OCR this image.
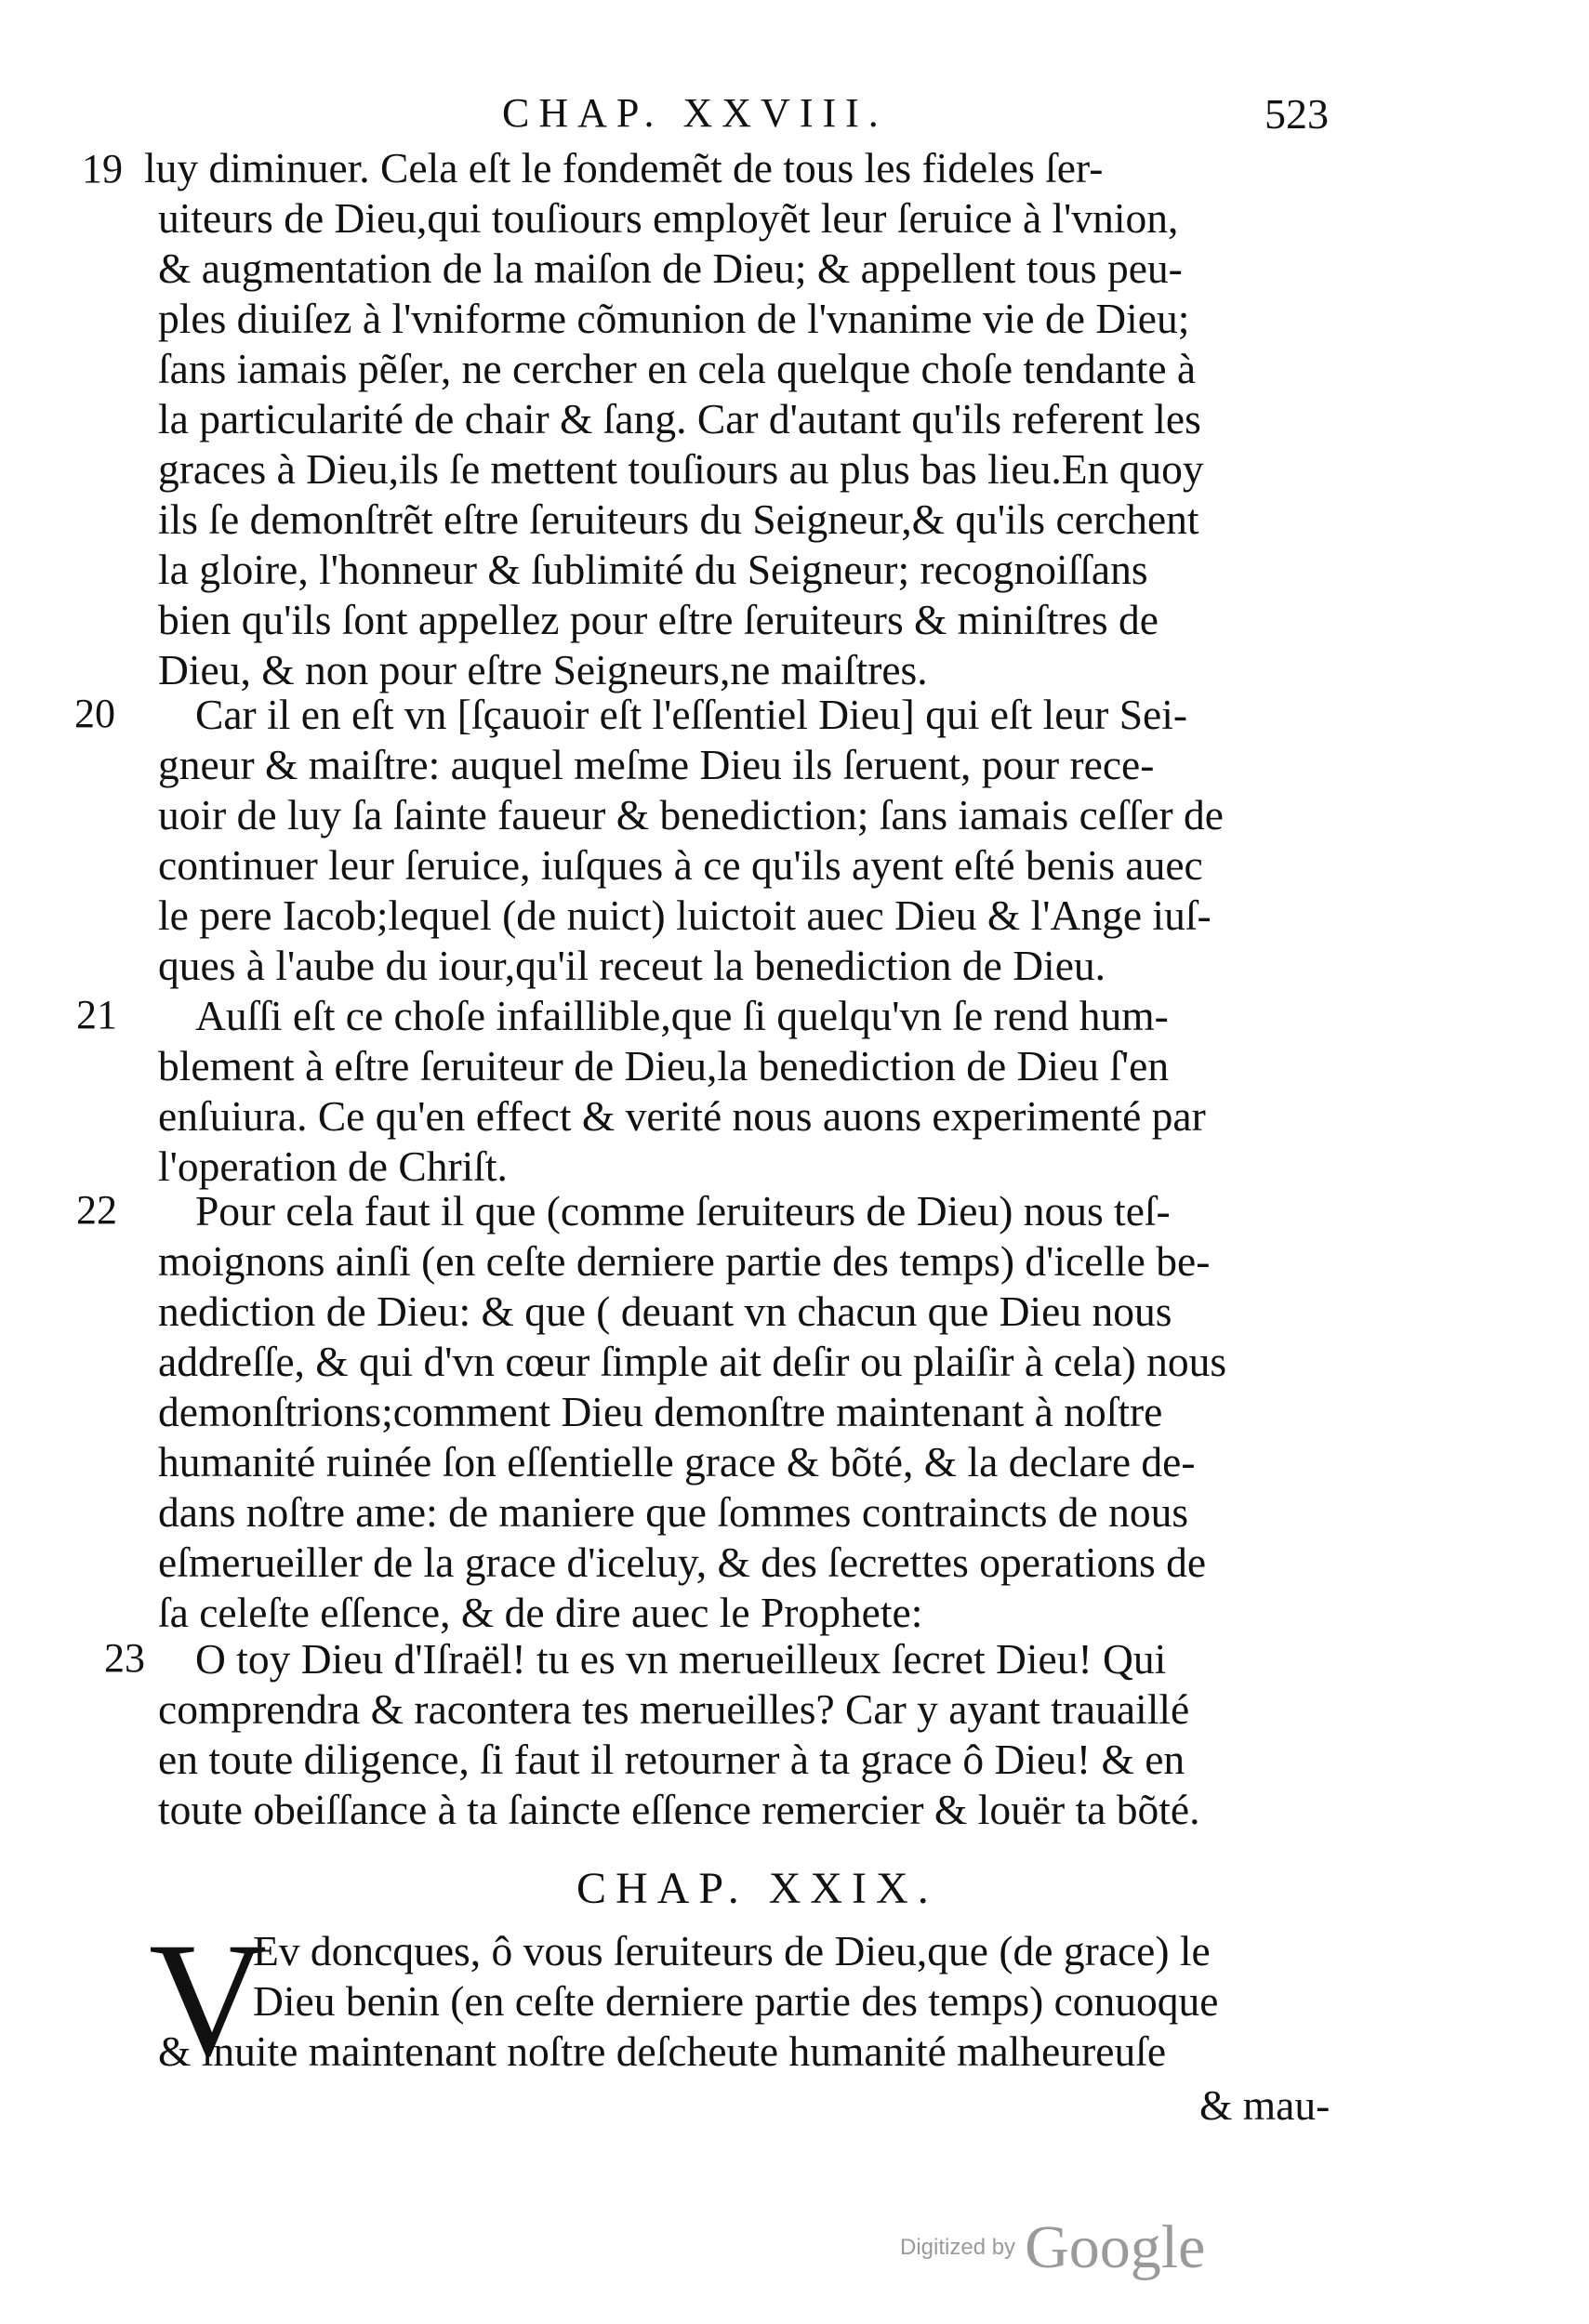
CHAP. XXVIII.	523
19
20
21
22
23
luy diminuer. Cela eſt le fondemẽt de tous les fideles ſer-
uiteurs de Dieu,qui touſiours employẽt leur ſeruice à l'vnion,
& augmentation de la maiſon de Dieu; & appellent tous peu-
ples diuiſez à l'vniforme cõmunion de l'vnanime vie de Dieu;
ſans iamais pẽſer, ne cercher en cela quelque choſe tendante à
la particularité de chair & ſang. Car d'autant qu'ils referent les
graces à Dieu,ils ſe mettent touſiours au plus bas lieu.En quoy
ils ſe demonſtrẽt eſtre ſeruiteurs du Seigneur,& qu'ils cerchent
la gloire, l'honneur & ſublimité du Seigneur; recognoiſſans
bien qu'ils ſont appellez pour eſtre ſeruiteurs & miniſtres de
Dieu, & non pour eſtre Seigneurs,ne maiſtres.
Car il en eſt vn [ſçauoir eſt l'eſſentiel Dieu] qui eſt leur Sei-
gneur & maiſtre: auquel meſme Dieu ils ſeruent, pour rece-
uoir de luy ſa ſainte faueur & benediction; ſans iamais ceſſer de
continuer leur ſeruice, iuſques à ce qu'ils ayent eſté benis auec
le pere Iacob;lequel (de nuict) luictoit auec Dieu & l'Ange iuſ-
ques à l'aube du iour,qu'il receut la benediction de Dieu.
Auſſi eſt ce choſe infaillible,que ſi quelqu'vn ſe rend hum-
blement à eſtre ſeruiteur de Dieu,la benediction de Dieu ſ'en
enſuiura. Ce qu'en effect & verité nous auons experimenté par
l'operation de Chriſt.
Pour cela faut il que (comme ſeruiteurs de Dieu) nous teſ-
moignons ainſi (en ceſte derniere partie des temps) d'icelle be-
nediction de Dieu: & que ( deuant vn chacun que Dieu nous
addreſſe, & qui d'vn cœur ſimple ait deſir ou plaiſir à cela) nous
demonſtrions;comment Dieu demonſtre maintenant à noſtre
humanité ruinée ſon eſſentielle grace & bõté, & la declare de-
dans noſtre ame: de maniere que ſommes contraincts de nous
eſmerueiller de la grace d'iceluy, & des ſecrettes operations de
ſa celeſte eſſence, & de dire auec le Prophete:
O toy Dieu d'Iſraël! tu es vn merueilleux ſecret Dieu! Qui
comprendra & racontera tes merueilles? Car y ayant trauaillé
en toute diligence, ſi faut il retourner à ta grace ô Dieu! & en
toute obeiſſance à ta ſaincte eſſence remercier & louër ta bõté.
CHAP. XXIX.
V
Ev doncques, ô vous ſeruiteurs de Dieu,que (de grace) le
Dieu benin (en ceſte derniere partie des temps) conuoque
& inuite maintenant noſtre deſcheute humanité malheureuſe
& mau-
Digitized by Google
